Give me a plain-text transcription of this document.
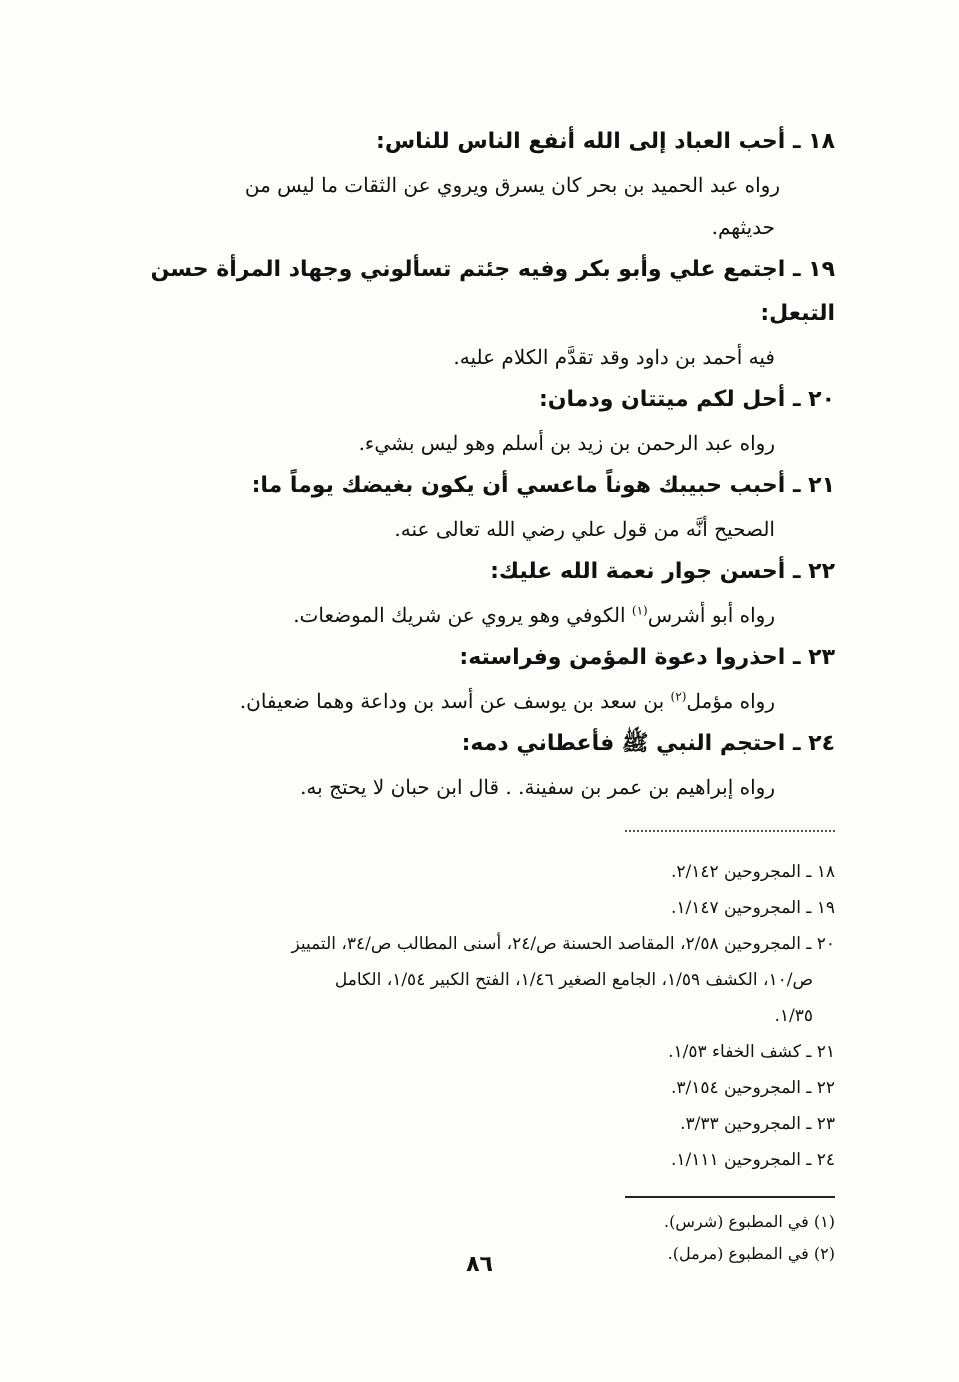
١٨ ـ أحب العباد إلى الله أنفع الناس للناس:
رواه عبد الحميد بن بحر كان يسرق ويروي عن الثقات ما ليس من
حديثهم.
١٩ ـ اجتمع علي وأبو بكر وفيه جئتم تسألوني وجهاد المرأة حسن التبعل:
فيه أحمد بن داود وقد تقدَّم الكلام عليه.
٢٠ ـ أحل لكم ميتتان ودمان:
رواه عبد الرحمن بن زيد بن أسلم وهو ليس بشيء.
٢١ ـ أحبب حبيبك هوناً ماعسي أن يكون بغيضك يوماً ما:
الصحيح أنَّه من قول علي رضي الله تعالى عنه.
٢٢ ـ أحسن جوار نعمة الله عليك:
رواه أبو أشرس$^{(١)}$ الكوفي وهو يروي عن شريك الموضعات.
٢٣ ـ احذروا دعوة المؤمن وفراسته:
رواه مؤمل$^{(٢)}$ بن سعد بن يوسف عن أسد بن وداعة وهما ضعيفان.
٢٤ ـ احتجم النبي ﷺ فأعطاني دمه:
رواه إبراهيم بن عمر بن سفينة. . قال ابن حبان لا يحتج به.
١٨ ـ المجروحين ٢/١٤٢.
١٩ ـ المجروحين ١/١٤٧.
٢٠ ـ المجروحين ٢/٥٨، المقاصد الحسنة ص/٢٤، أسنى المطالب ص/٣٤، التمييز
ص/١٠، الكشف ١/٥٩، الجامع الصغير ١/٤٦، الفتح الكبير ١/٥٤، الكامل
١/٣٥.
٢١ ـ كشف الخفاء ١/٥٣.
٢٢ ـ المجروحين ٣/١٥٤.
٢٣ ـ المجروحين ٣/٣٣.
٢٤ ـ المجروحين ١/١١١.
(١) في المطبوع (شرس).
(٢) في المطبوع (مرمل).
٨٦
